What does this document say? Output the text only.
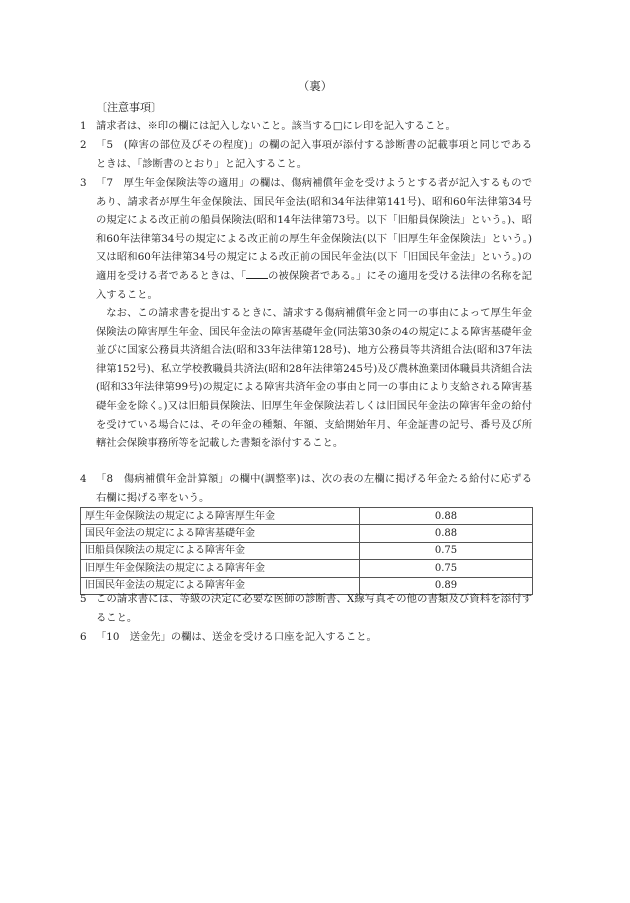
（裏）
〔注意事項〕

1 請求者は、※印の欄には記入しないこと。該当する□にレ印を記入すること。

2 「5　(障害の部位及びその程度)」の欄の記入事項が添付する診断書の記載事項と同じであるときは、「診断書のとおり」と記入すること。

3 「7　厚生年金保険法等の適用」の欄は、傷病補償年金を受けようとする者が記入するものであり、請求者が厚生年金保険法、国民年金法(昭和34年法律第141号)、昭和60年法律第34号の規定による改正前の船員保険法(昭和14年法律第73号。以下「旧船員保険法」という。)、昭和60年法律第34号の規定による改正前の厚生年金保険法(以下「旧厚生年金保険法」という。)又は昭和60年法律第34号の規定による改正前の国民年金法(以下「旧国民年金法」という。)の適用を受ける者であるときは、「 の被保険者である。」にその適用を受ける法律の名称を記入すること。

なお、この請求書を提出するときに、請求する傷病補償年金と同一の事由によって厚生年金保険法の障害厚生年金、国民年金法の障害基礎年金(同法第30条の4の規定による障害基礎年金並びに国家公務員共済組合法(昭和33年法律第128号)、地方公務員等共済組合法(昭和37年法律第152号)、私立学校教職員共済法(昭和28年法律第245号)及び農林漁業団体職員共済組合法(昭和33年法律第99号)の規定による障害共済年金の事由と同一の事由により支給される障害基礎年金を除く。)又は旧船員保険法、旧厚生年金保険法若しくは旧国民年金法の障害年金の給付を受けている場合には、その年金の種類、年額、支給開始年月、年金証書の記号、番号及び所轄社会保険事務所等を記載した書類を添付すること。

4 「8　傷病補償年金計算額」の欄中(調整率)は、次の表の左欄に掲げる年金たる給付に応ずる右欄に掲げる率をいう。

厚生年金保険法の規定による障害厚生年金	0.88
国民年金法の規定による障害基礎年金	0.88
旧船員保険法の規定による障害年金	0.75
旧厚生年金保険法の規定による障害年金	0.75
旧国民年金法の規定による障害年金	0.89

5 この請求書には、等級の決定に必要な医師の診断書、X線写真その他の書類及び資料を添付すること。

6 「10　送金先」の欄は、送金を受ける口座を記入すること。
